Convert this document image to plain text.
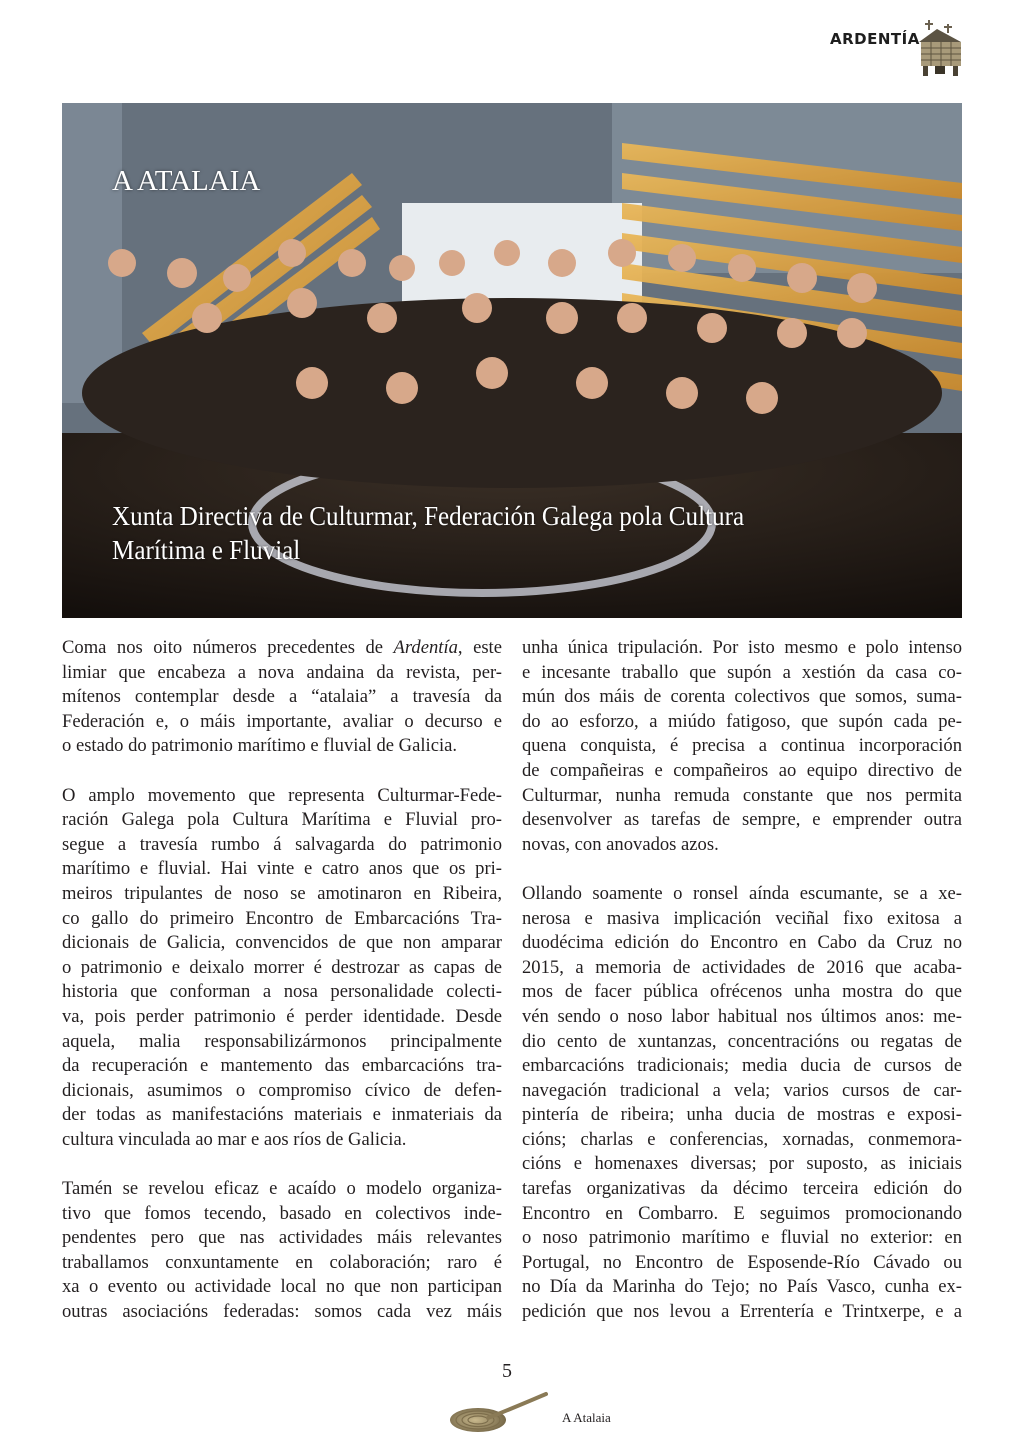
ARDENTÍA
A ATALAIA
Xunta Directiva de Culturmar, Federación Galega pola Cultura
Marítima e Fluvial
Coma nos oito números precedentes de Ardentía, este
limiar que encabeza a nova andaina da revista, per-
mítenos contemplar desde a “atalaia” a travesía da
Federación e, o máis importante, avaliar o decurso e
o estado do patrimonio marítimo e fluvial de Galicia.
O amplo movemento que representa Culturmar-Fede-
ración Galega pola Cultura Marítima e Fluvial pro-
segue a travesía rumbo á salvagarda do patrimonio
marítimo e fluvial. Hai vinte e catro anos que os pri-
meiros tripulantes de noso se amotinaron en Ribeira,
co gallo do primeiro Encontro de Embarcacións Tra-
dicionais de Galicia, convencidos de que non amparar
o patrimonio e deixalo morrer é destrozar as capas de
historia que conforman a nosa personalidade colecti-
va, pois perder patrimonio é perder identidade. Desde
aquela, malia responsabilizármonos principalmente
da recuperación e mantemento das embarcacións tra-
dicionais, asumimos o compromiso cívico de defen-
der todas as manifestacións materiais e inmateriais da
cultura vinculada ao mar e aos ríos de Galicia.
Tamén se revelou eficaz e acaído o modelo organiza-
tivo que fomos tecendo, basado en colectivos inde-
pendentes pero que nas actividades máis relevantes
traballamos conxuntamente en colaboración; raro é
xa o evento ou actividade local no que non participan
outras asociacións federadas: somos cada vez máis
unha única tripulación. Por isto mesmo e polo intenso
e incesante traballo que supón a xestión da casa co-
mún dos máis de corenta colectivos que somos, suma-
do ao esforzo, a miúdo fatigoso, que supón cada pe-
quena conquista, é precisa a continua incorporación
de compañeiras e compañeiros ao equipo directivo de
Culturmar, nunha remuda constante que nos permita
desenvolver as tarefas de sempre, e emprender outra
novas, con anovados azos.
Ollando soamente o ronsel aínda escumante, se a xe-
nerosa e masiva implicación veciñal fixo exitosa a
duodécima edición do Encontro en Cabo da Cruz no
2015, a memoria de actividades de 2016 que acaba-
mos de facer pública ofrécenos unha mostra do que
vén sendo o noso labor habitual nos últimos anos: me-
dio cento de xuntanzas, concentracións ou regatas de
embarcacións tradicionais; media ducia de cursos de
navegación tradicional a vela; varios cursos de car-
pintería de ribeira; unha ducia de mostras e exposi-
cións; charlas e conferencias, xornadas, conmemora-
cións e homenaxes diversas; por suposto, as iniciais
tarefas organizativas da décimo terceira edición do
Encontro en Combarro. E seguimos promocionando
o noso patrimonio marítimo e fluvial no exterior: en
Portugal, no Encontro de Esposende-Río Cávado ou
no Día da Marinha do Tejo; no País Vasco, cunha ex-
pedición que nos levou a Errentería e Trintxerpe, e a
5
A Atalaia
